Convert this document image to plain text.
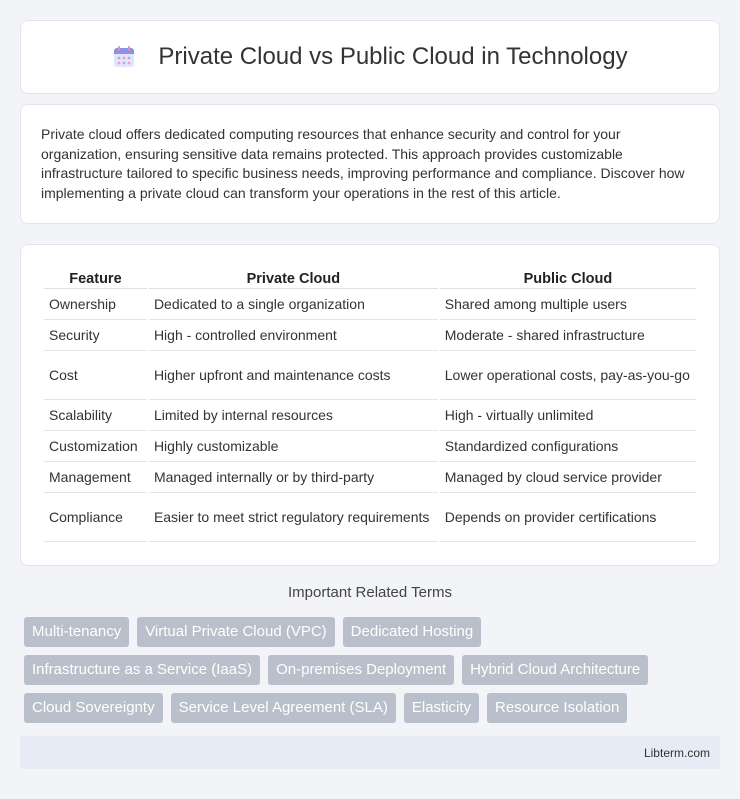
Private Cloud vs Public Cloud in Technology

Private cloud offers dedicated computing resources that enhance security and control for your organization, ensuring sensitive data remains protected. This approach provides customizable infrastructure tailored to specific business needs, improving performance and compliance. Discover how implementing a private cloud can transform your operations in the rest of this article.

Feature	Private Cloud	Public Cloud
Ownership	Dedicated to a single organization	Shared among multiple users
Security	High - controlled environment	Moderate - shared infrastructure
Cost	Higher upfront and maintenance costs	Lower operational costs, pay-as-you-go
Scalability	Limited by internal resources	High - virtually unlimited
Customization	Highly customizable	Standardized configurations
Management	Managed internally or by third-party	Managed by cloud service provider
Compliance	Easier to meet strict regulatory requirements	Depends on provider certifications
Important Related Terms
Multi-tenancy	Virtual Private Cloud (VPC)	Dedicated Hosting
Infrastructure as a Service (IaaS)	On-premises Deployment	Hybrid Cloud Architecture
Cloud Sovereignty	Service Level Agreement (SLA)	Elasticity	Resource Isolation
Libterm.com
